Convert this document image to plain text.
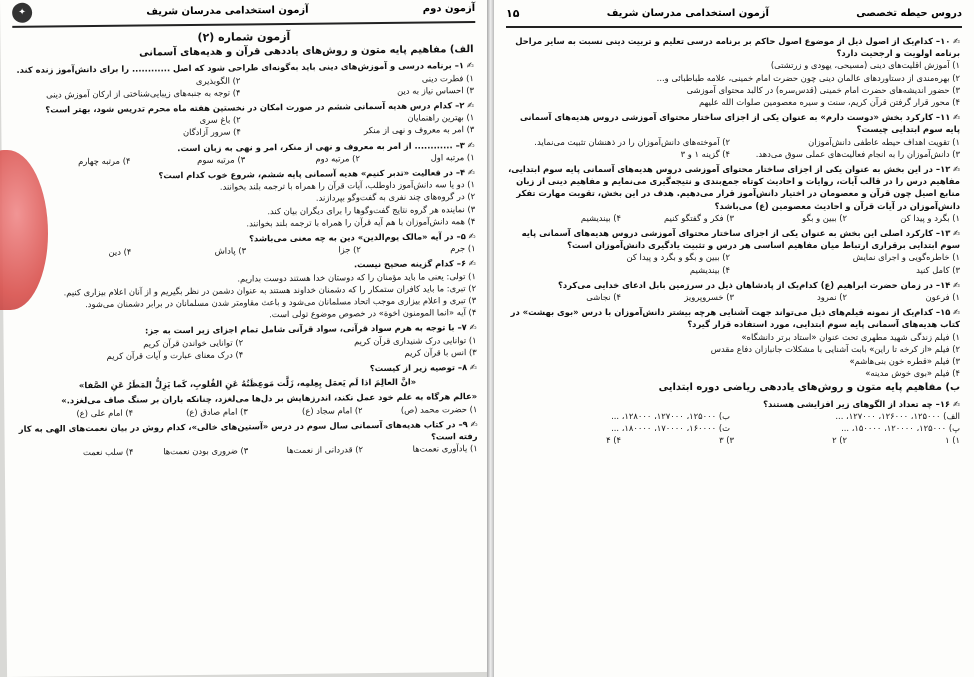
آزمون دوم
آزمون استخدامی مدرسان شریف
✦
آزمون شماره (۲)
الف) مفاهیم پایه متون و روش‌های یاددهی قرآن و هدیه‌های آسمانی
✍ ۱– برنامه درسی و آموزش‌های دینی باید به‌گونه‌ای طراحی شود که اصل ............ را برای دانش‌آموز زنده کند.
۱) فطرت دینی
۲) الگوبذیری
۳) احساس نیاز به دین
۴) توجه به جنبه‌های زیبایی‌شناختی از ارکان آموزش دینی
✍ ۲– کدام درس هدیه آسمانی ششم در صورت امکان در نخستین هفته ماه محرم تدریس شود، بهتر است؟
۱) بهترین راهنمایان
۲) باغ سری
۳) امر به معروف و نهی از منکر
۴) سرور آزادگان
✍ ۳– ............ از امر به معروف و نهی از منکر، امر و نهی به زبان است.
۱) مرتبه اول
۲) مرتبه دوم
۳) مرتبه سوم
۴) مرتبه چهارم
✍ ۴– در فعالیت «تدبر کنیم» هدیه آسمانی پایه ششم، شروع خوب کدام است؟
۱) دو یا سه دانش‌آموز داوطلب، آیات قرآن را همراه با ترجمه بلند بخوانند.
۲) در گروه‌های چند نفری به گفت‌وگو بپردازند.
۳) نماینده هر گروه نتایج گفت‌وگوها را برای دیگران بیان کند.
۴) همه دانش‌آموزان با هم آیه قرآن را همراه با ترجمه بلند بخوانند.
✍ ۵– در آیه «مالک یوم‌الدین» دین به چه معنی می‌باشد؟
۱) جرم
۲) جزا
۳) پاداش
۴) دین
✍ ۶– کدام گزینه صحیح نیست.
۱) تولی: یعنی ما باید مؤمنان را که دوستان خدا هستند دوست بداریم.
۲) تبری: ما باید کافران ستمکار را که دشمنان خداوند هستند به عنوان دشمن در نظر بگیریم و از آنان اعلام بیزاری کنیم.
۳) تبری و اعلام بیزاری موجب اتحاد مسلمانان می‌شود و باعث مقاومتر شدن مسلمانان در برابر دشمنان می‌شود.
۴) آیه «انما المومنون اخوة» در خصوص موضوع تولی است.
✍ ۷– با توجه به هرم سواد قرآنی، سواد قرآنی شامل تمام اجزای زیر است به جز:
۱) توانایی درک شنیداری قرآن کریم
۲) توانایی خواندن قرآن کریم
۳) انس با قرآن کریم
۴) درک معنای عبارت و آیات قرآن کریم
✍ ۸– توصیه زیر از کیست؟
«انَّ العالِمَ اذا لَم یَعمَل بِعِلمِه، زَلَّت مَوعِظَتُهُ عَنِ القُلوبِ، کَما یَزِلُّ المَطَرُ عَنِ الصَّفا»
«عالم هرگاه به علم خود عمل نکند، اندرزهایش بر دل‌ها می‌لغزد، چنانکه باران بر سنگ صاف می‌لغزد.»
۱) حضرت محمد (ص)
۲) امام سجاد (ع)
۳) امام صادق (ع)
۴) امام علی (ع)
✍ ۹– در کتاب هدیه‌های آسمانی سال سوم در درس «آستین‌های خالی»، کدام روش در بیان نعمت‌های الهی به کار رفته است؟
۱) یادآوری نعمت‌ها
۲) قدردانی از نعمت‌ها
۳) ضروری بودن نعمت‌ها
۴) سلب نعمت
دروس حیطه تخصصی
آزمون استخدامی مدرسان شریف
۱۵
✍ ۱۰– کدام‌یک از اصول ذیل از موضوع اصول حاکم بر برنامه درسی تعلیم و تربیت دینی نسبت به سایر مراحل برنامه اولویت و ارجحیت دارد؟
۱) آموزش اقلیت‌های دینی (مسیحی، یهودی و زرتشتی)
۲) بهره‌مندی از دستاوردهای عالمان دینی چون حضرت امام خمینی، علامه طباطبائی و...
۳) حضور اندیشه‌های حضرت امام خمینی (قدس‌سره) در کالبد محتوای آموزشی
۴) محور قرار گرفتن قرآن کریم، سنت و سیره معصومین صلوات الله علیهم
✍ ۱۱– کارکرد بخش «دوست دارم» به عنوان یکی از اجزای ساختار محتوای آموزشی دروس هدیه‌های آسمانی پایه سوم ابتدایی چیست؟
۱) تقویت اهداف حیطه عاطفی دانش‌آموزان
۲) آموخته‌های دانش‌آموزان را در ذهنشان تثبیت می‌نماید.
۳) دانش‌آموزان را به انجام فعالیت‌های عملی سوق می‌دهد.
۴) گزینه ۱ و ۳
✍ ۱۲– در این بخش به عنوان یکی از اجزای ساختار محتوای آموزشی دروس هدیه‌های آسمانی پایه سوم ابتدایی، مفاهیم درس را در قالب آیات، روایات و احادیث کوتاه جمع‌بندی و نتیجه‌گیری می‌نمایم و مفاهیم دینی از زبان منابع اصیل چون قرآن و معصومان در اختیار دانش‌آموز قرار می‌دهیم. هدف در این بخش، تقویت مهارت تفکر دانش‌آموزان در آیات قرآن و احادیث معصومین (ع) می‌باشد؟
۱) بگرد و پیدا کن
۲) ببین و بگو
۳) فکر و گفتگو کنیم
۴) بیندیشیم
✍ ۱۳– کارکرد اصلی این بخش به عنوان یکی از اجزای ساختار محتوای آموزشی دروس هدیه‌های آسمانی پایه سوم ابتدایی برقراری ارتباط میان مفاهیم اساسی هر درس و تثبیت یادگیری دانش‌آموزان است؟
۱) خاطره‌گویی و اجرای نمایش
۲) ببین و بگو و بگرد و پیدا کن
۳) کامل کنید
۴) بیندیشیم
✍ ۱۴– در زمان حضرت ابراهیم (ع) کدام‌یک از پادشاهان ذیل در سرزمین بابل ادعای خدایی می‌کرد؟
۱) فرعون
۲) نمرود
۳) خسروپرویز
۴) نجاشی
✍ ۱۵– کدام‌یک از نمونه فیلم‌های ذیل می‌تواند جهت آشنایی هرچه بیشتر دانش‌آموزان با درس «بوی بهشت» در کتاب هدیه‌های آسمانی پایه سوم ابتدایی، مورد استفاده قرار گیرد؟
۱) فیلم زندگی شهید مطهری تحت عنوان «استاد برتر دانشگاه»
۲) فیلم «از کرخه تا راین» بابت آشنایی با مشکلات جانبازان دفاع مقدس
۳) فیلم «قطره خون بنی‌هاشم»
۴) فیلم «بوی خوش مدینه»
ب) مفاهیم پایه متون و روش‌های یاددهی ریاضی دوره ابتدایی
✍ ۱۶– چه تعداد از الگوهای زیر افزایشی هستند؟
الف) ۱۲۵۰۰۰، ۱۲۶۰۰۰، ۱۲۷۰۰۰، ...
ب) ۱۲۵۰۰۰، ۱۲۷۰۰۰، ۱۲۸۰۰۰، ...
پ) ۱۲۵۰۰۰، ۱۲۰۰۰۰، ۱۵۰۰۰۰، ...
ت) ۱۶۰۰۰۰، ۱۷۰۰۰۰، ۱۸۰۰۰۰، ...
۱) ۱
۲) ۲
۳) ۳
۴) ۴
